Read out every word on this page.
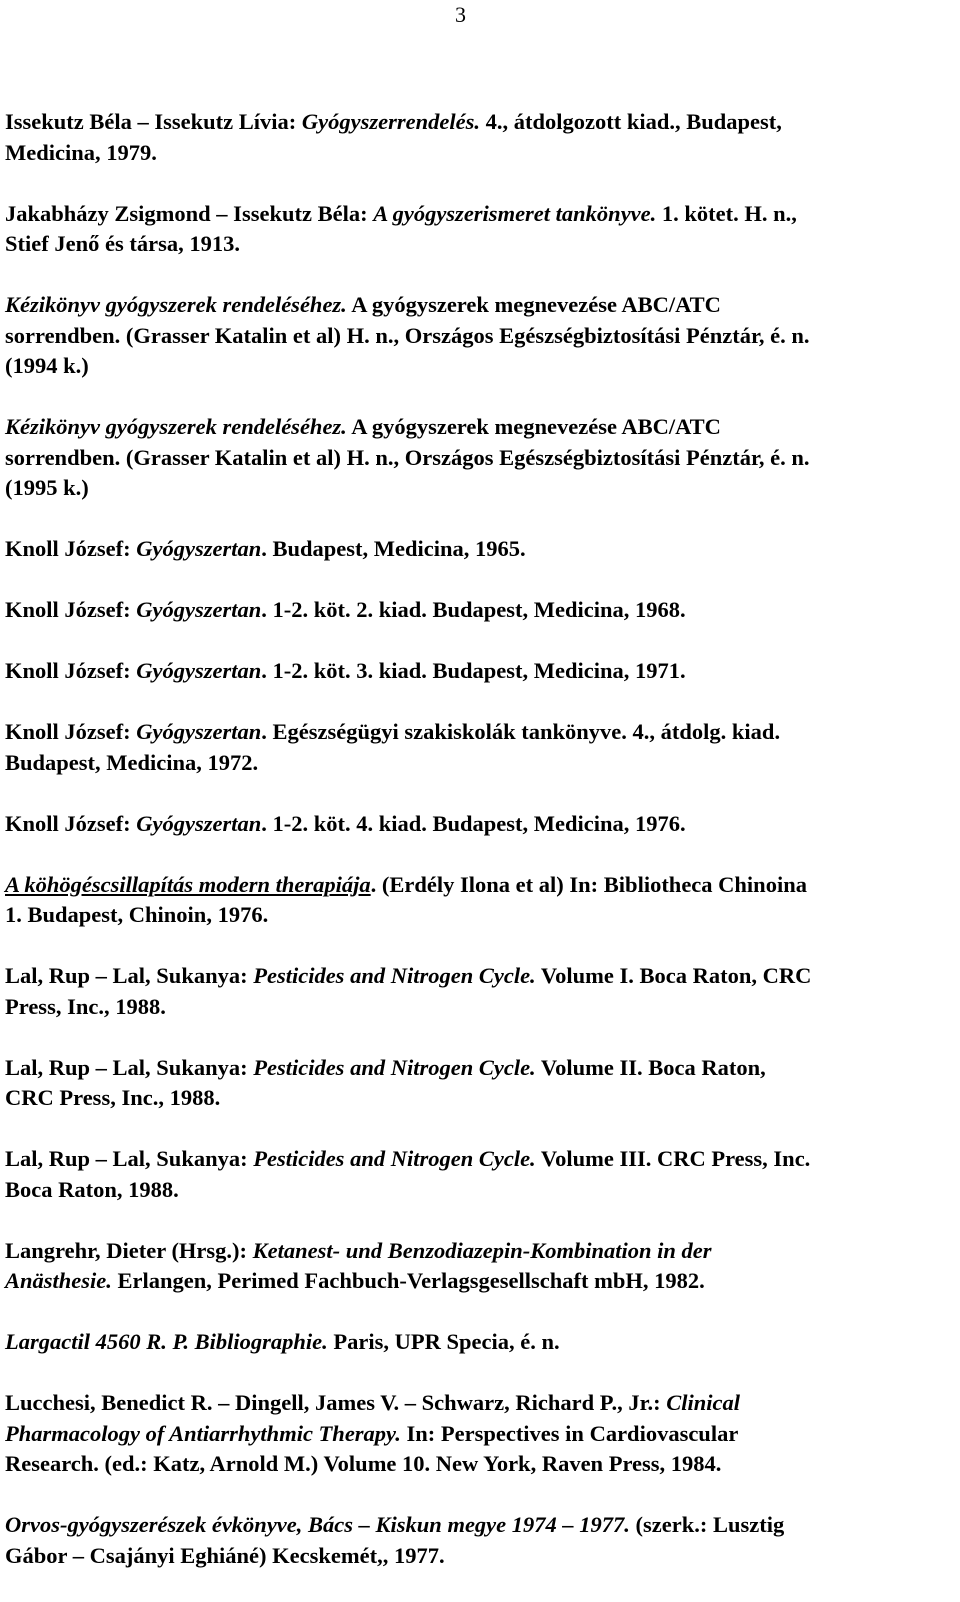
3

Issekutz Béla – Issekutz Lívia: Gyógyszerrendelés. 4., átdolgozott kiad., Budapest,
Medicina, 1979.

Jakabházy Zsigmond – Issekutz Béla: A gyógyszerismeret tankönyve. 1. kötet. H. n.,
Stief Jenő és társa, 1913.

Kézikönyv gyógyszerek rendeléséhez. A gyógyszerek megnevezése ABC/ATC
sorrendben. (Grasser Katalin et al) H. n., Országos Egészségbiztosítási Pénztár, é. n.
(1994 k.)

Kézikönyv gyógyszerek rendeléséhez. A gyógyszerek megnevezése ABC/ATC
sorrendben. (Grasser Katalin et al) H. n., Országos Egészségbiztosítási Pénztár, é. n.
(1995 k.)

Knoll József: Gyógyszertan. Budapest, Medicina, 1965.

Knoll József: Gyógyszertan. 1-2. köt. 2. kiad. Budapest, Medicina, 1968.

Knoll József: Gyógyszertan. 1-2. köt. 3. kiad. Budapest, Medicina, 1971.

Knoll József: Gyógyszertan. Egészségügyi szakiskolák tankönyve. 4., átdolg. kiad.
Budapest, Medicina, 1972.

Knoll József: Gyógyszertan. 1-2. köt. 4. kiad. Budapest, Medicina, 1976.

A köhögéscsillapítás modern therapiája. (Erdély Ilona et al) In: Bibliotheca Chinoina
1. Budapest, Chinoin, 1976.

Lal, Rup – Lal, Sukanya: Pesticides and Nitrogen Cycle. Volume I. Boca Raton, CRC
Press, Inc., 1988.

Lal, Rup – Lal, Sukanya: Pesticides and Nitrogen Cycle. Volume II. Boca Raton,
CRC Press, Inc., 1988.

Lal, Rup – Lal, Sukanya: Pesticides and Nitrogen Cycle. Volume III. CRC Press, Inc.
Boca Raton, 1988.

Langrehr, Dieter (Hrsg.): Ketanest- und Benzodiazepin-Kombination in der
Anästhesie. Erlangen, Perimed Fachbuch-Verlagsgesellschaft mbH, 1982.

Largactil 4560 R. P. Bibliographie. Paris, UPR Specia, é. n.

Lucchesi, Benedict R. – Dingell, James V. – Schwarz, Richard P., Jr.: Clinical
Pharmacology of Antiarrhythmic Therapy. In: Perspectives in Cardiovascular
Research. (ed.: Katz, Arnold M.) Volume 10. New York, Raven Press, 1984.

Orvos-gyógyszerészek évkönyve, Bács – Kiskun megye 1974 – 1977. (szerk.: Lusztig
Gábor – Csajányi Eghiáné) Kecskemét,, 1977.
